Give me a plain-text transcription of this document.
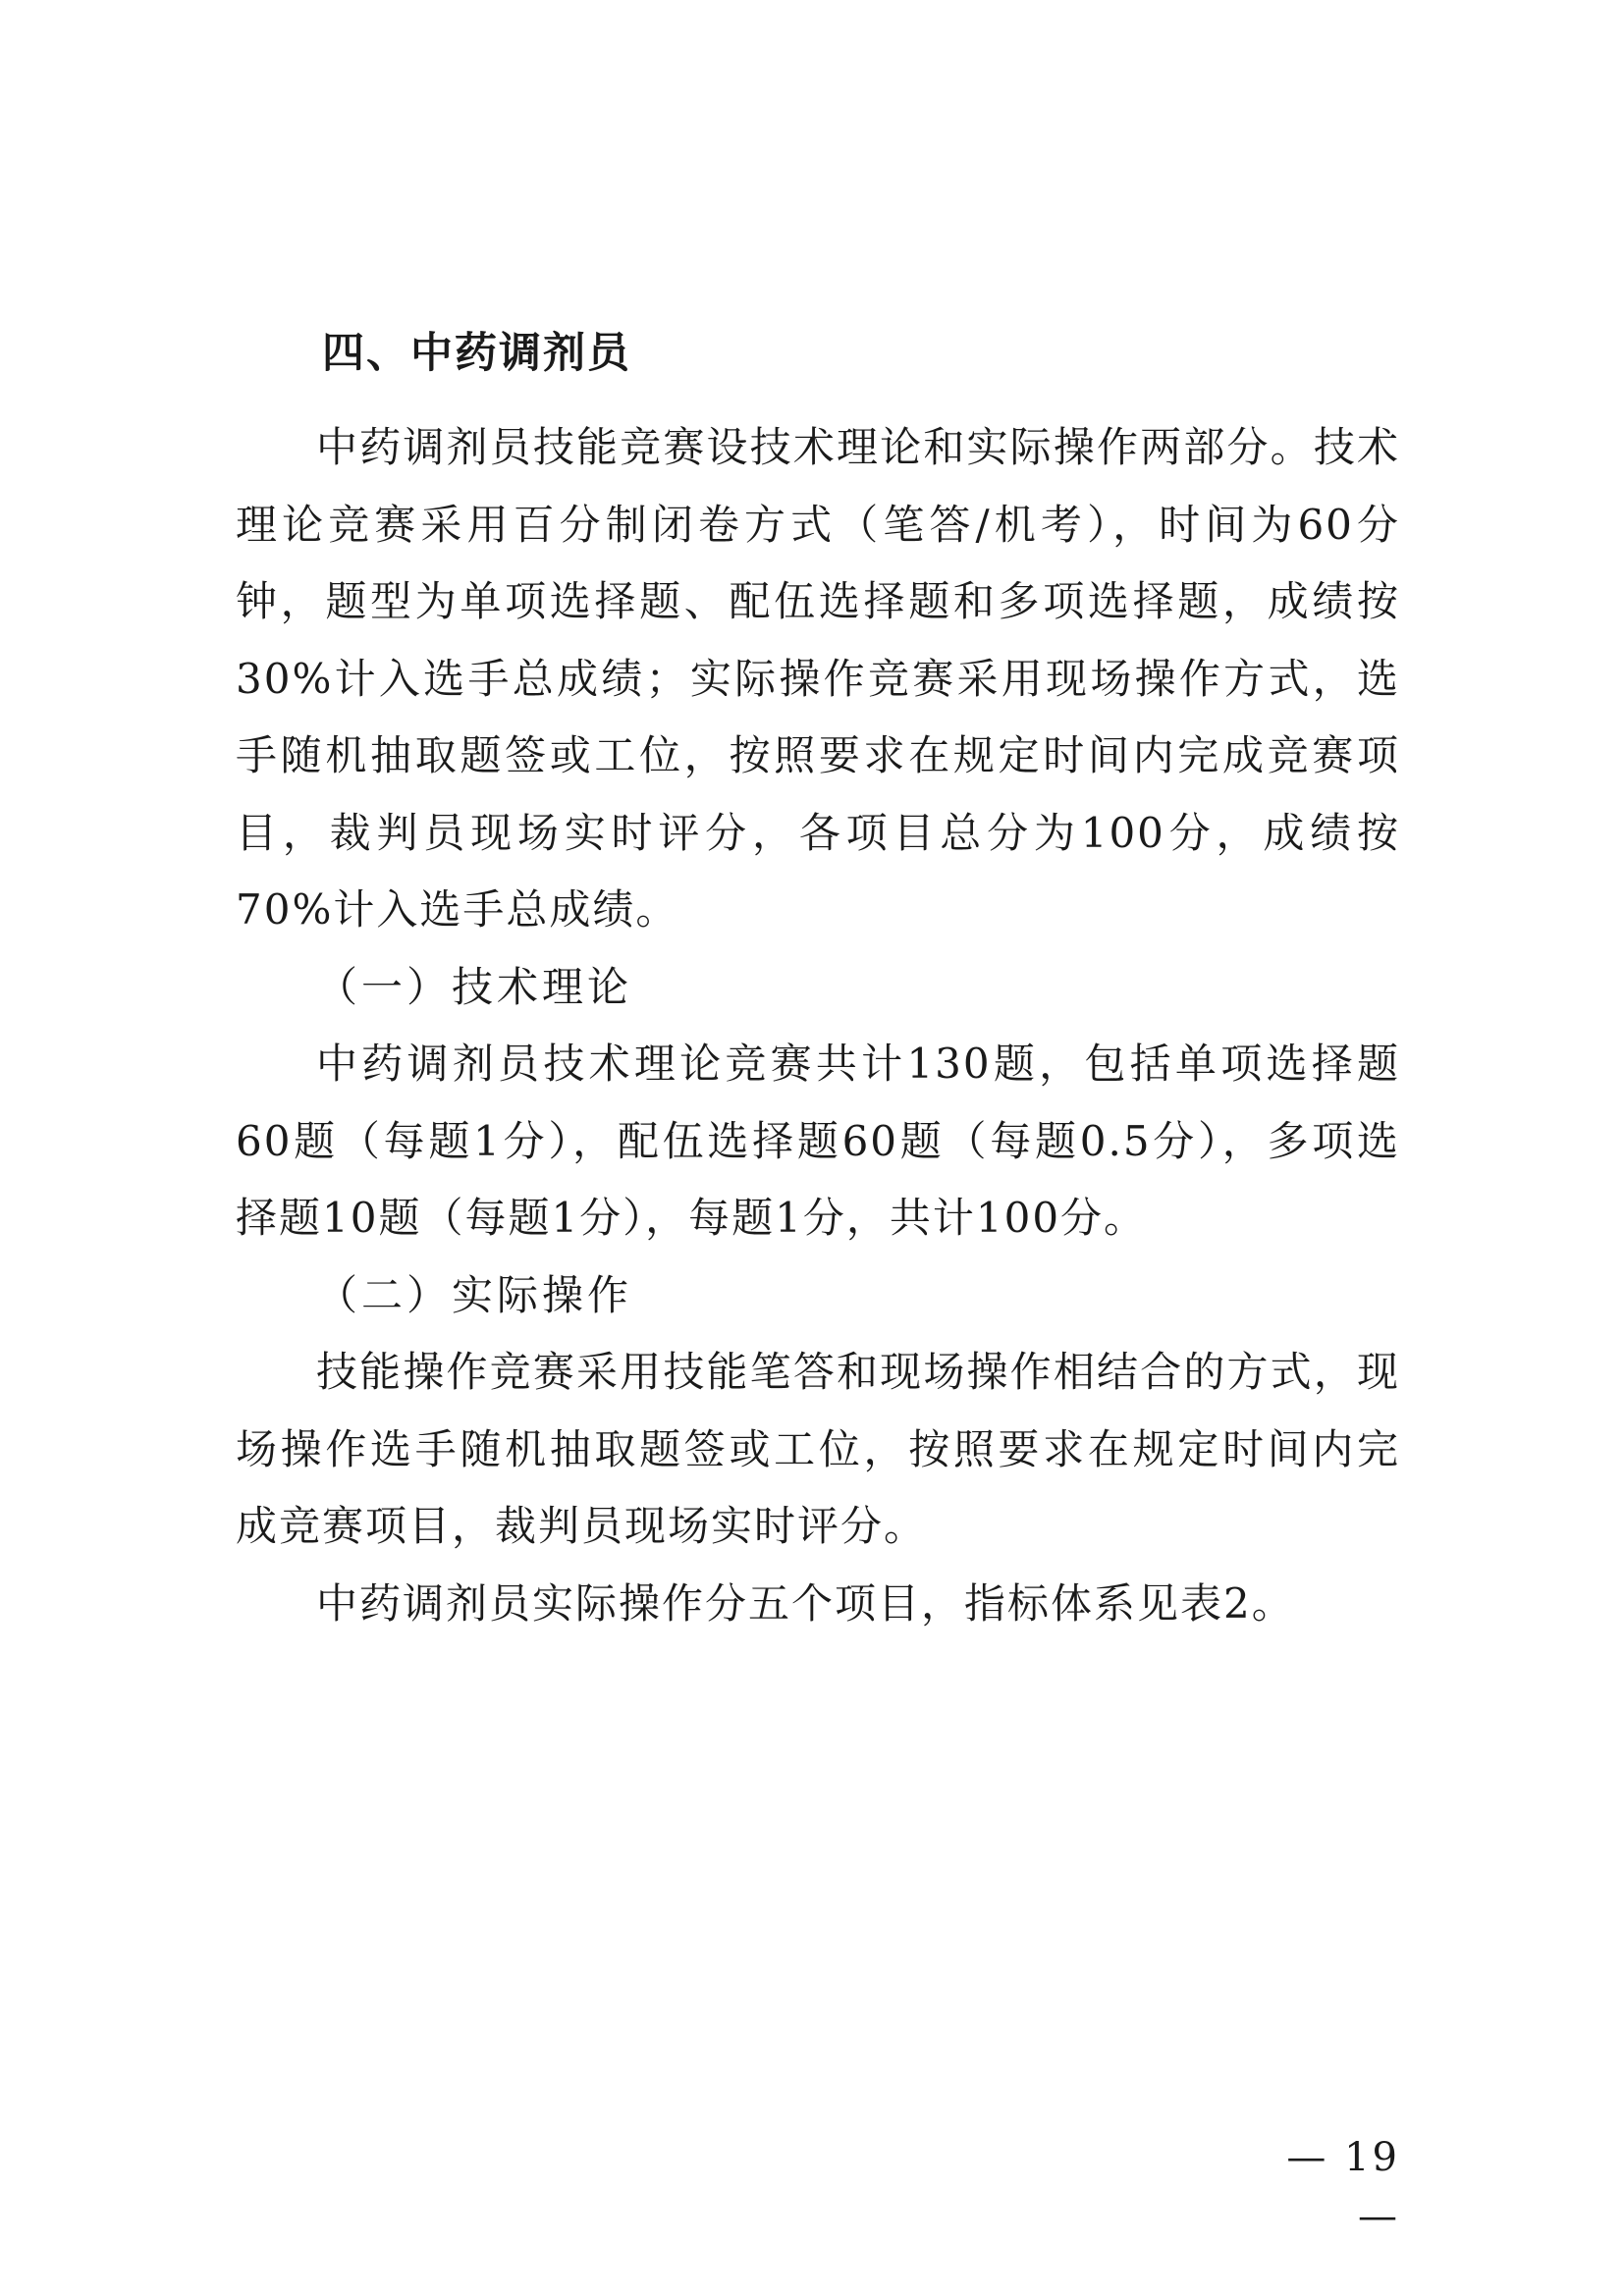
四、中药调剂员

中药调剂员技能竞赛设技术理论和实际操作两部分。技术理论竞赛采用百分制闭卷方式（笔答/机考），时间为60分钟，题型为单项选择题、配伍选择题和多项选择题，成绩按30%计入选手总成绩；实际操作竞赛采用现场操作方式，选手随机抽取题签或工位，按照要求在规定时间内完成竞赛项目，裁判员现场实时评分，各项目总分为100分，成绩按70%计入选手总成绩。

（一）技术理论

中药调剂员技术理论竞赛共计130题，包括单项选择题60题（每题1分），配伍选择题60题（每题0.5分），多项选择题10题（每题1分），每题1分，共计100分。

（二）实际操作

技能操作竞赛采用技能笔答和现场操作相结合的方式，现场操作选手随机抽取题签或工位，按照要求在规定时间内完成竞赛项目，裁判员现场实时评分。

中药调剂员实际操作分五个项目，指标体系见表2。

— 19 —
